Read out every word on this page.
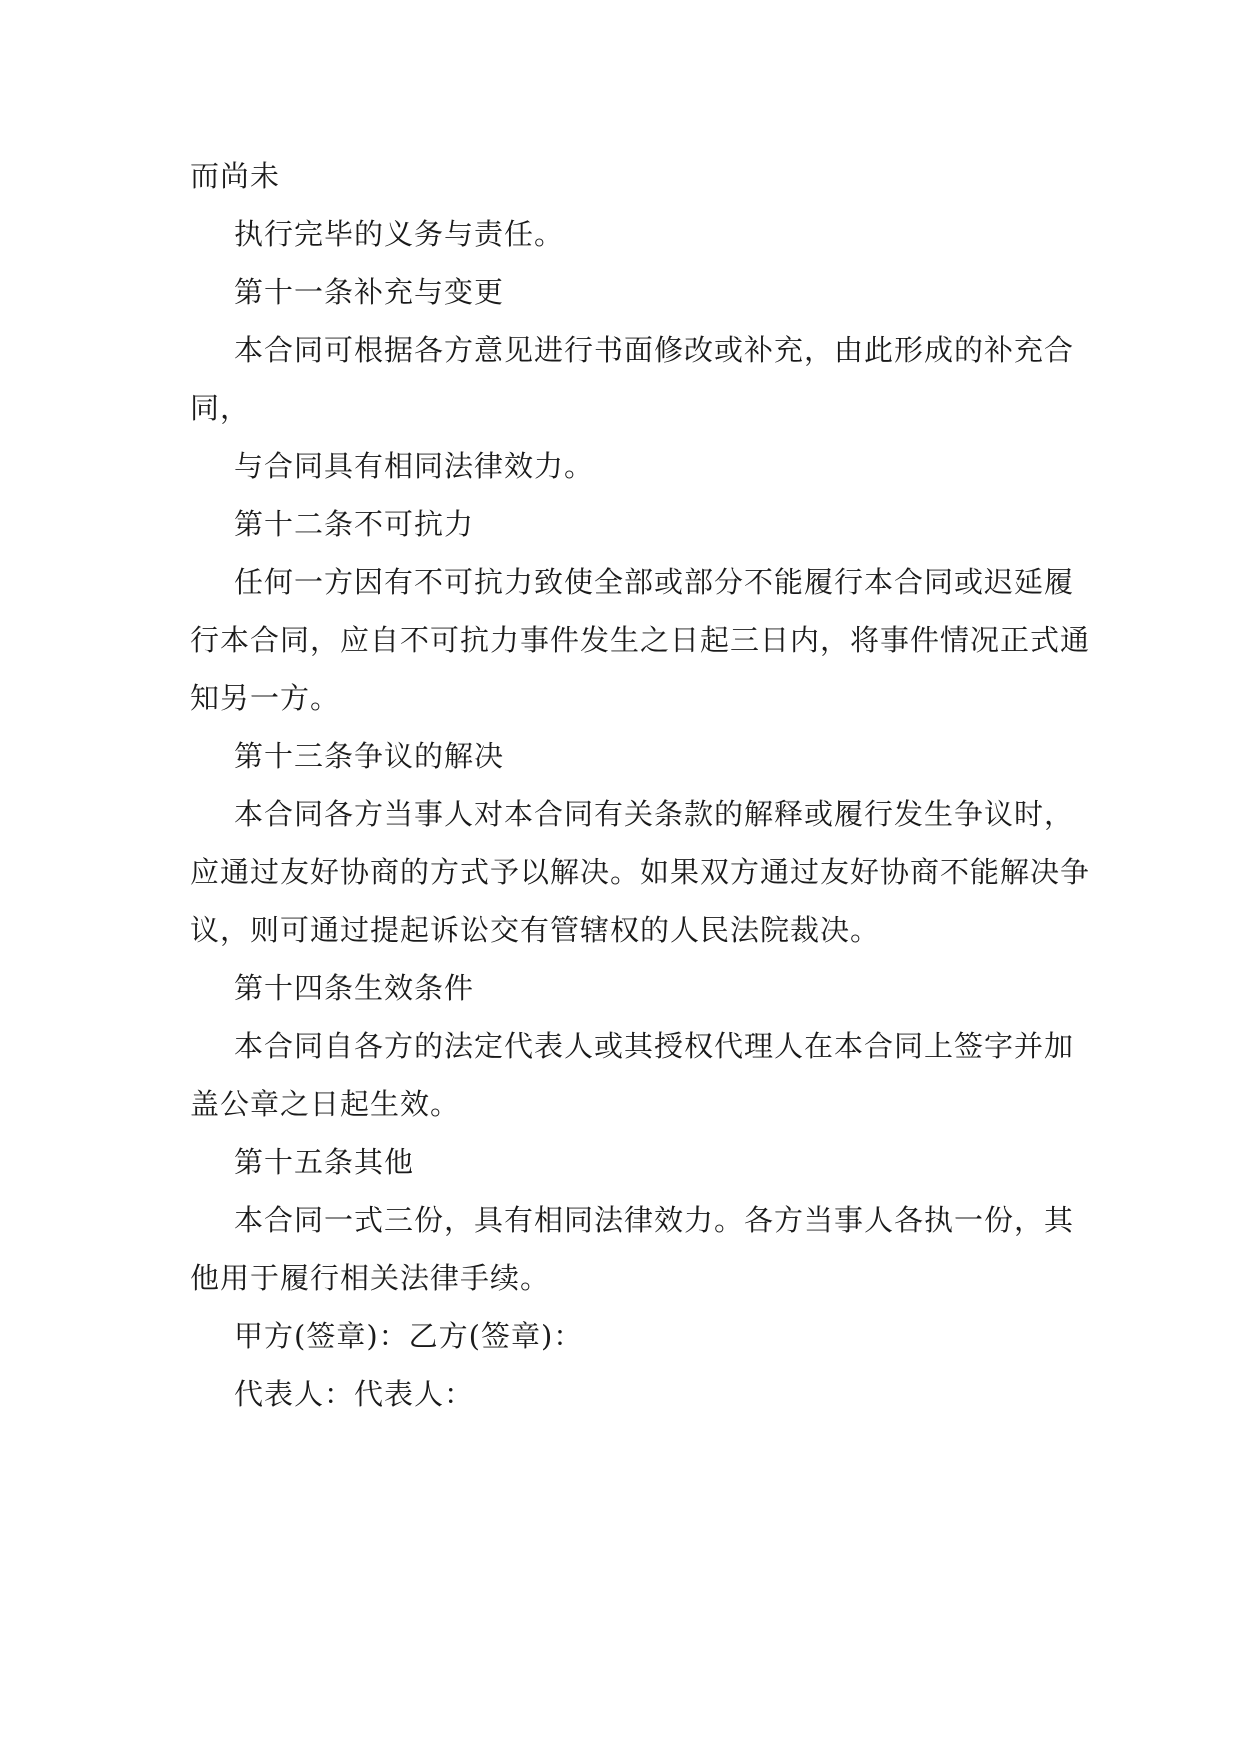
而尚未
执行完毕的义务与责任。
第十一条补充与变更
本合同可根据各方意见进行书面修改或补充，由此形成的补充合
同，
与合同具有相同法律效力。
第十二条不可抗力
任何一方因有不可抗力致使全部或部分不能履行本合同或迟延履
行本合同，应自不可抗力事件发生之日起三日内，将事件情况正式通
知另一方。
第十三条争议的解决
本合同各方当事人对本合同有关条款的解释或履行发生争议时，
应通过友好协商的方式予以解决。如果双方通过友好协商不能解决争
议，则可通过提起诉讼交有管辖权的人民法院裁决。
第十四条生效条件
本合同自各方的法定代表人或其授权代理人在本合同上签字并加
盖公章之日起生效。
第十五条其他
本合同一式三份，具有相同法律效力。各方当事人各执一份，其
他用于履行相关法律手续。
甲方(签章)：乙方(签章)：
代表人：代表人：
